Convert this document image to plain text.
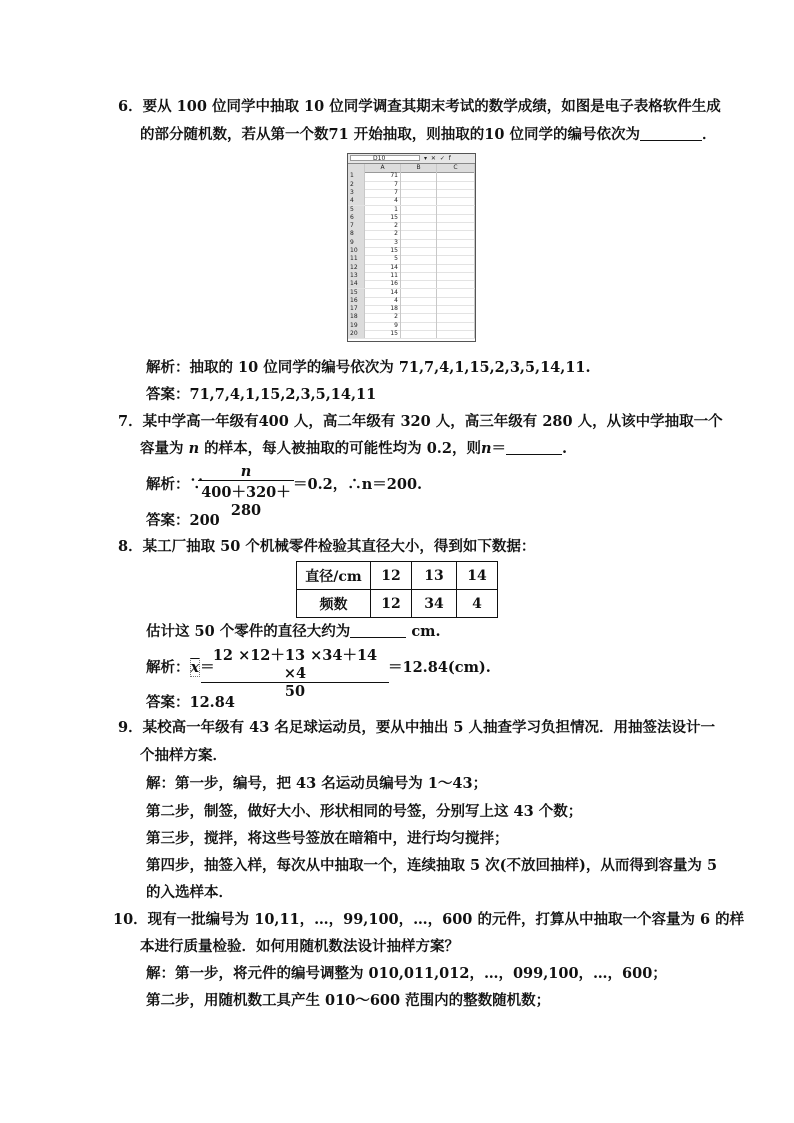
6．要从 100 位同学中抽取 10 位同学调查其期末考试的数学成绩，如图是电子表格软件生成
的部分随机数，若从第一个数71 开始抽取，则抽取的10 位同学的编号依次为	．
D10	▾ ✕ ✓ f
A	B	C
1	71
2	7
3	7
4	4
5	1
6	15
7	2
8	2
9	3
10	15
11	5
12	14
13	11
14	16
15	14
16	4
17	18
18	2
19	9
20	15
解析：抽取的 10 位同学的编号依次为 71,7,4,1,15,2,3,5,14,11.
答案：71,7,4,1,15,2,3,5,14,11
7．某中学高一年级有400 人，高二年级有 320 人，高三年级有 280 人，从该中学抽取一个
容量为 n 的样本，每人被抽取的可能性均为 0.2，则n＝	.
解析：∵
$\frac{n}{400+320+280} =0.2$，∴n＝200.
答案：200
8．某工厂抽取 50 个机械零件检验其直径大小，得到如下数据：
直径/cm	12	13	14
频数	12	34	4
估计这 50 个零件的直径大约为	cm.
解析：$\overline{x}=$
$\frac{12 \times 12+13 \times 34+14 \times 4}{50} =12.84(cm)$.
答案：12.84
9．某校高一年级有 43 名足球运动员，要从中抽出 5 人抽查学习负担情况．用抽签法设计一
个抽样方案．
解：第一步，编号，把 43 名运动员编号为 1～43；
第二步，制签，做好大小、形状相同的号签，分别写上这 43 个数；
第三步，搅拌，将这些号签放在暗箱中，进行均匀搅拌；
第四步，抽签入样，每次从中抽取一个，连续抽取 5 次(不放回抽样)，从而得到容量为 5
的入选样本．
10．现有一批编号为 10,11，…，99,100，…，600 的元件，打算从中抽取一个容量为 6 的样
本进行质量检验．如何用随机数法设计抽样方案？
解：第一步，将元件的编号调整为 010,011,012，…，099,100，…，600；
第二步，用随机数工具产生 010～600 范围内的整数随机数；
